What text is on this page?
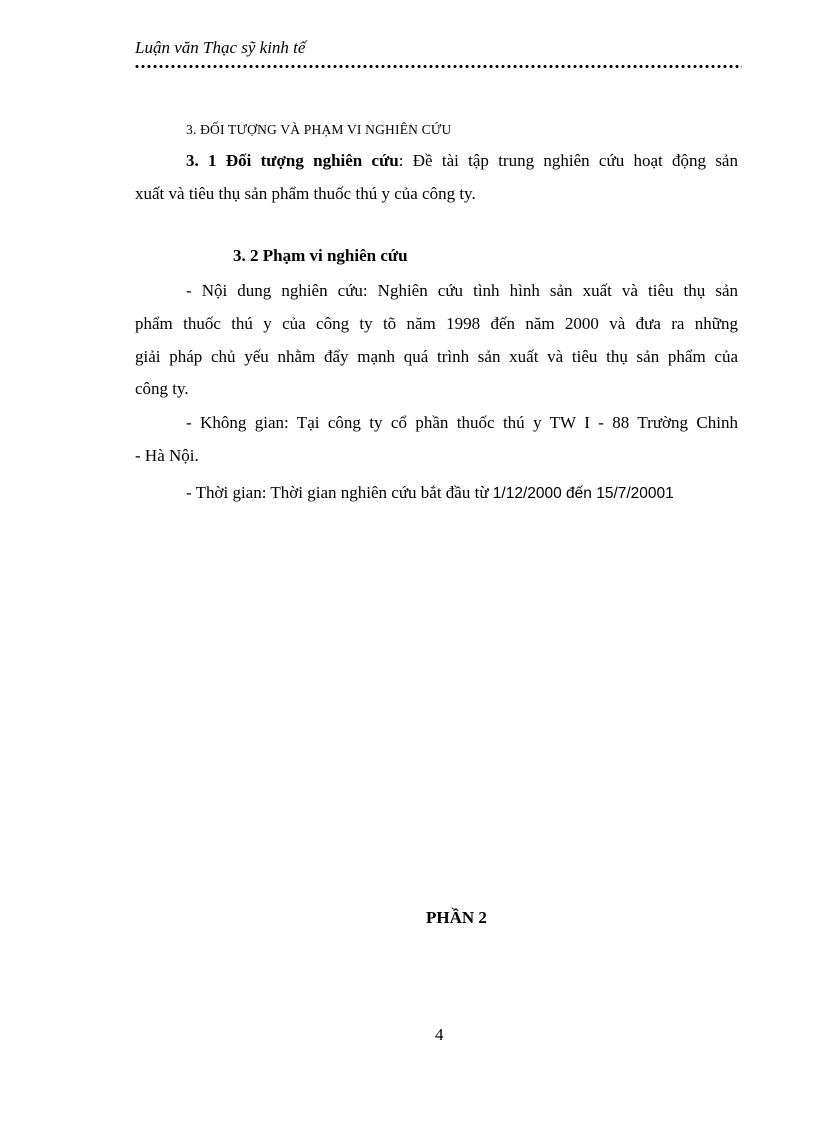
Luận văn Thạc sỹ kinh tế
3. ĐỐI TƯỢNG VÀ PHẠM VI NGHIÊN CỨU
3. 1 Đối tượng nghiên cứu: Đề tài tập trung nghiên cứu hoạt động sản
xuất và tiêu thụ sản phẩm thuốc thú y của công ty.
3. 2 Phạm vi nghiên cứu
- Nội dung nghiên cứu: Nghiên cứu tình hình sản xuất và tiêu thụ sản
phẩm thuốc thú y của công ty tõ năm 1998 đến năm 2000 và đưa ra những
giải pháp chủ yếu nhằm đẩy mạnh quá trình sản xuất và tiêu thụ sản phẩm của
công ty.
- Không gian: Tại công ty cổ phần thuốc thú y TW I - 88 Trường Chinh
- Hà Nội.
- Thời gian: Thời gian nghiên cứu bắt đầu từ 1/12/2000 đến 15/7/20001
PHẦN 2
4
